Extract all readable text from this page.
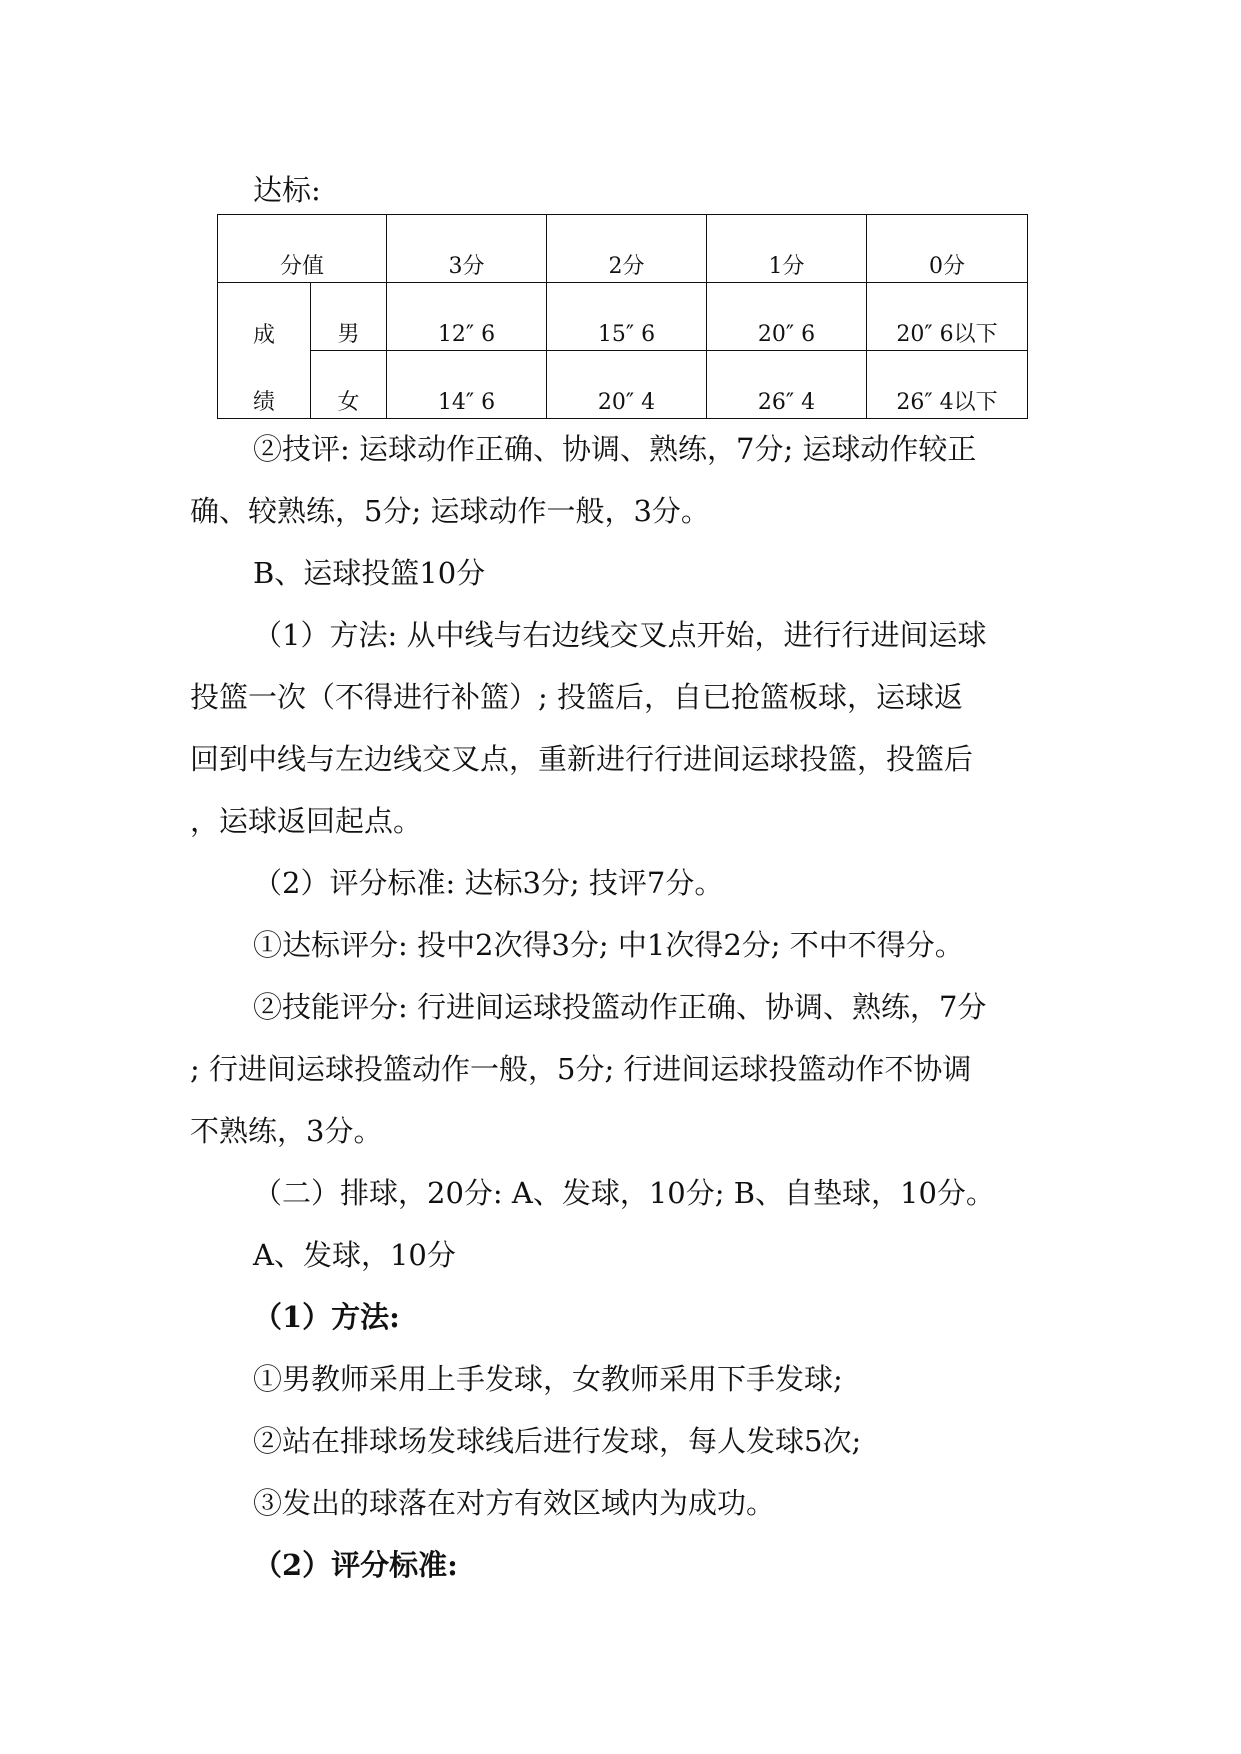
达标:
分值		3分	2分	1分	0分
成	男	12″ 6	15″ 6	20″ 6	20″ 6以下
绩	女	14″ 6	20″ 4	26″ 4	26″ 4以下
②技评: 运球动作正确、协调、熟练，7分; 运球动作较正
确、较熟练，5分; 运球动作一般，3分。
B、运球投篮10分
（1）方法: 从中线与右边线交叉点开始，进行行进间运球
投篮一次（不得进行补篮）; 投篮后，自已抢篮板球，运球返
回到中线与左边线交叉点，重新进行行进间运球投篮，投篮后
，运球返回起点。
（2）评分标准: 达标3分; 技评7分。
①达标评分: 投中2次得3分; 中1次得2分; 不中不得分。
②技能评分: 行进间运球投篮动作正确、协调、熟练，7分
; 行进间运球投篮动作一般，5分; 行进间运球投篮动作不协调
不熟练，3分。
（二）排球，20分: A、发球，10分; B、自垫球，10分。
A、发球，10分
（1）方法:
①男教师采用上手发球，女教师采用下手发球;
②站在排球场发球线后进行发球，每人发球5次;
③发出的球落在对方有效区域内为成功。
（2）评分标准:
